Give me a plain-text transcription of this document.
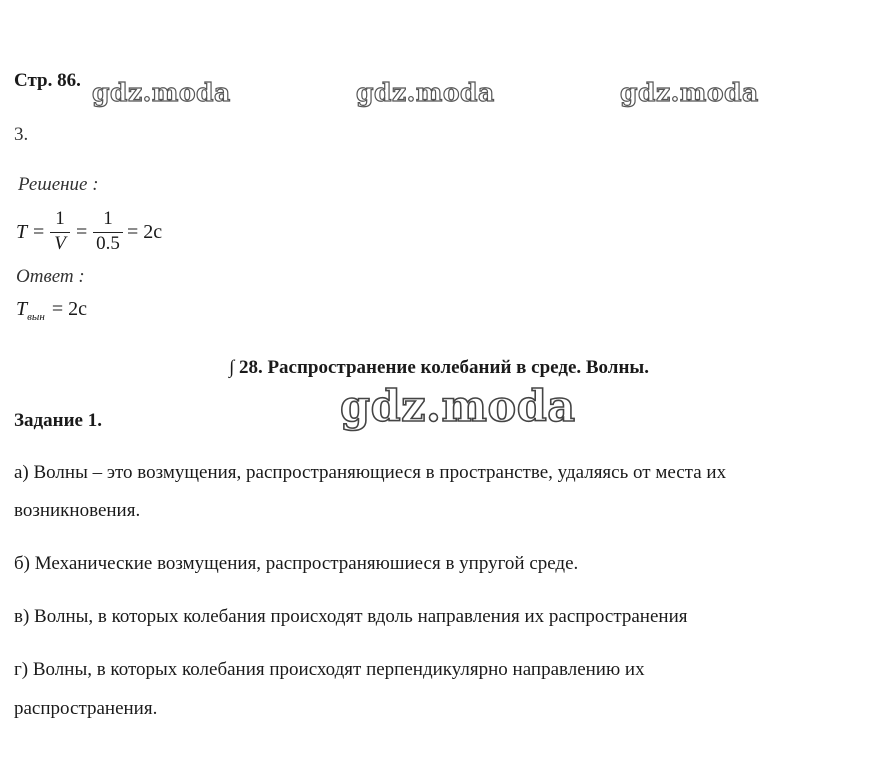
Стр. 86. gdz.moda	gdz.moda	gdz.moda
3.
Решение :
T =
1
V
=
1
0.5
= 2c
Ответ :
$T_{вын} = 2c$
∫ 28. Распространение колебаний в среде. Волны.
Задание 1.	gdz.moda
а) Волны – это возмущения, распространяющиеся в пространстве, удаляясь от места их
возникновения.
б) Механические возмущения, распространяюшиеся в упругой среде.
в) Волны, в которых колебания происходят вдоль направления их распространения
г) Волны, в которых колебания происходят перпендикулярно направлению их
распространения.
